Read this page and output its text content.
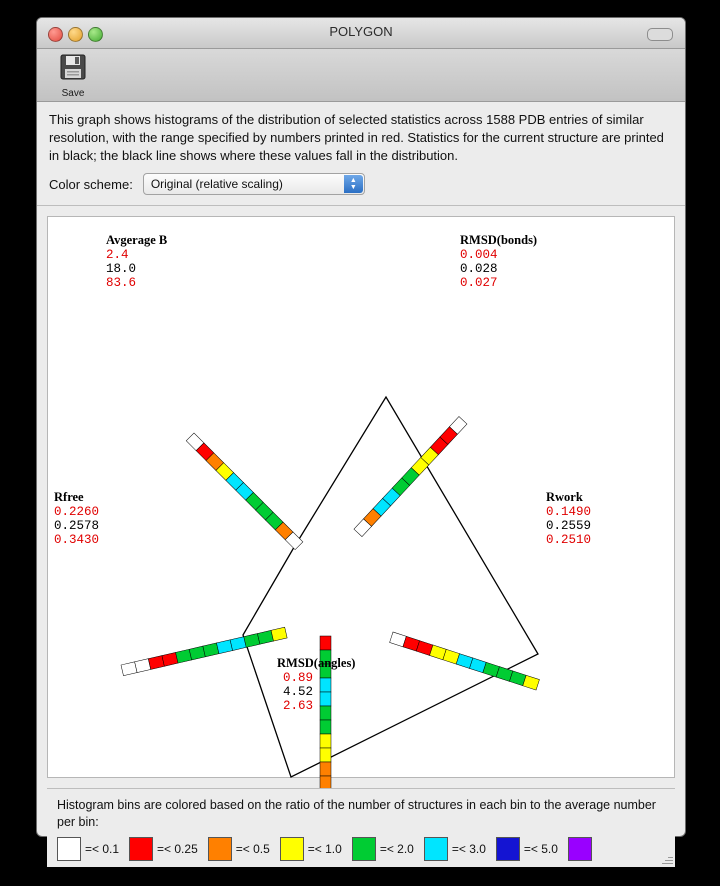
POLYGON
Save
This graph shows histograms of the distribution of selected statistics across 1588 PDB entries of similar resolution, with the range specified by numbers printed in red. Statistics for the current structure are printed in black; the black line shows where these values fall in the distribution.
Color scheme: Original (relative scaling)	▲
▼
Avgerage B
2.4
18.0
83.6
RMSD(bonds)
0.004
0.028
0.027
Rfree
0.2260
0.2578
0.3430
Rwork
0.1490
0.2559
0.2510
RMSD(angles)
0.89
4.52
2.63
Histogram bins are colored based on the ratio of the number of structures in each bin to the average number per bin:
=< 0.1	=< 0.25	=< 0.5	=< 1.0	=< 2.0	=< 3.0	=< 5.0
